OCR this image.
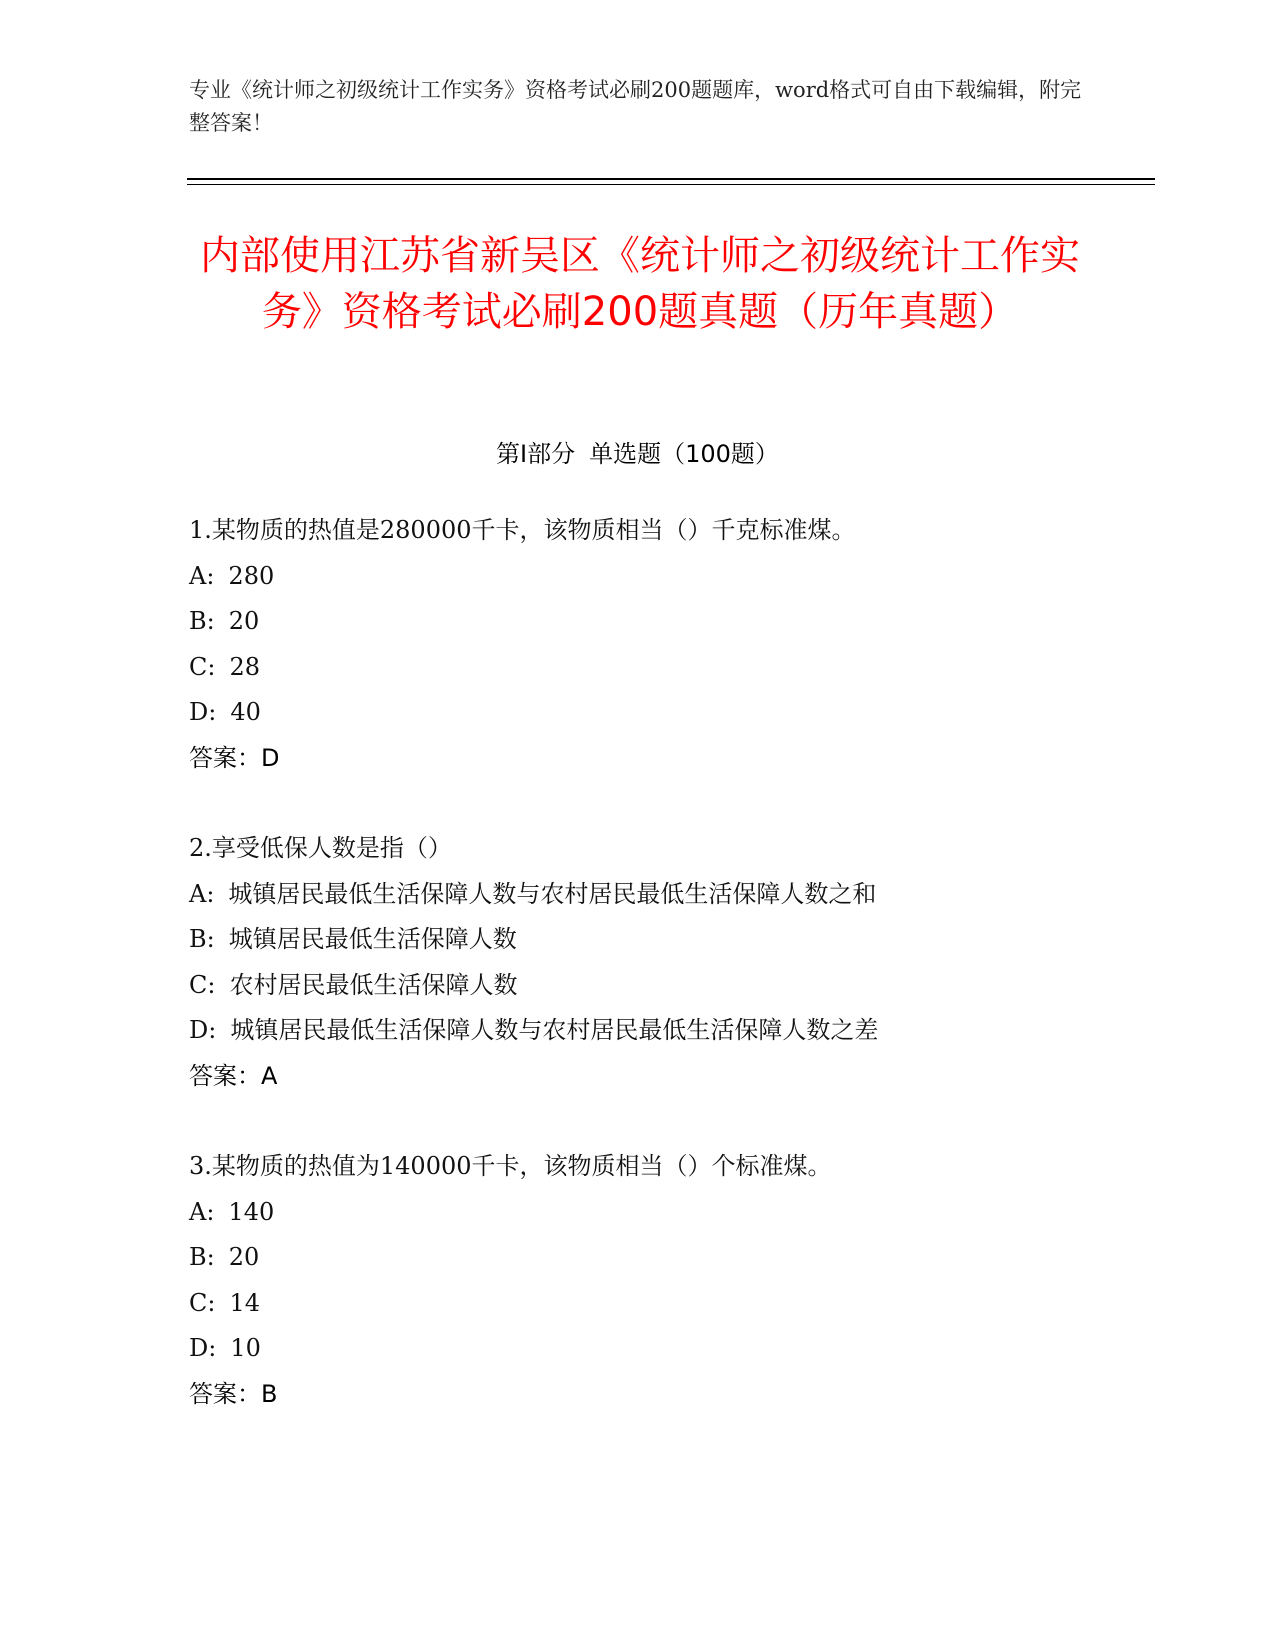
专业《统计师之初级统计工作实务》资格考试必刷200题题库，word格式可自由下载编辑，附完整答案！
内部使用江苏省新吴区《统计师之初级统计工作实务》资格考试必刷200题真题（历年真题）
第Ⅰ部分 单选题（100题）
1.某物质的热值是280000千卡，该物质相当（）千克标准煤。
A: 280
B: 20
C: 28
D: 40
答案：D
2.享受低保人数是指（）
A: 城镇居民最低生活保障人数与农村居民最低生活保障人数之和
B: 城镇居民最低生活保障人数
C: 农村居民最低生活保障人数
D: 城镇居民最低生活保障人数与农村居民最低生活保障人数之差
答案：A
3.某物质的热值为140000千卡，该物质相当（）个标准煤。
A: 140
B: 20
C: 14
D: 10
答案：B
